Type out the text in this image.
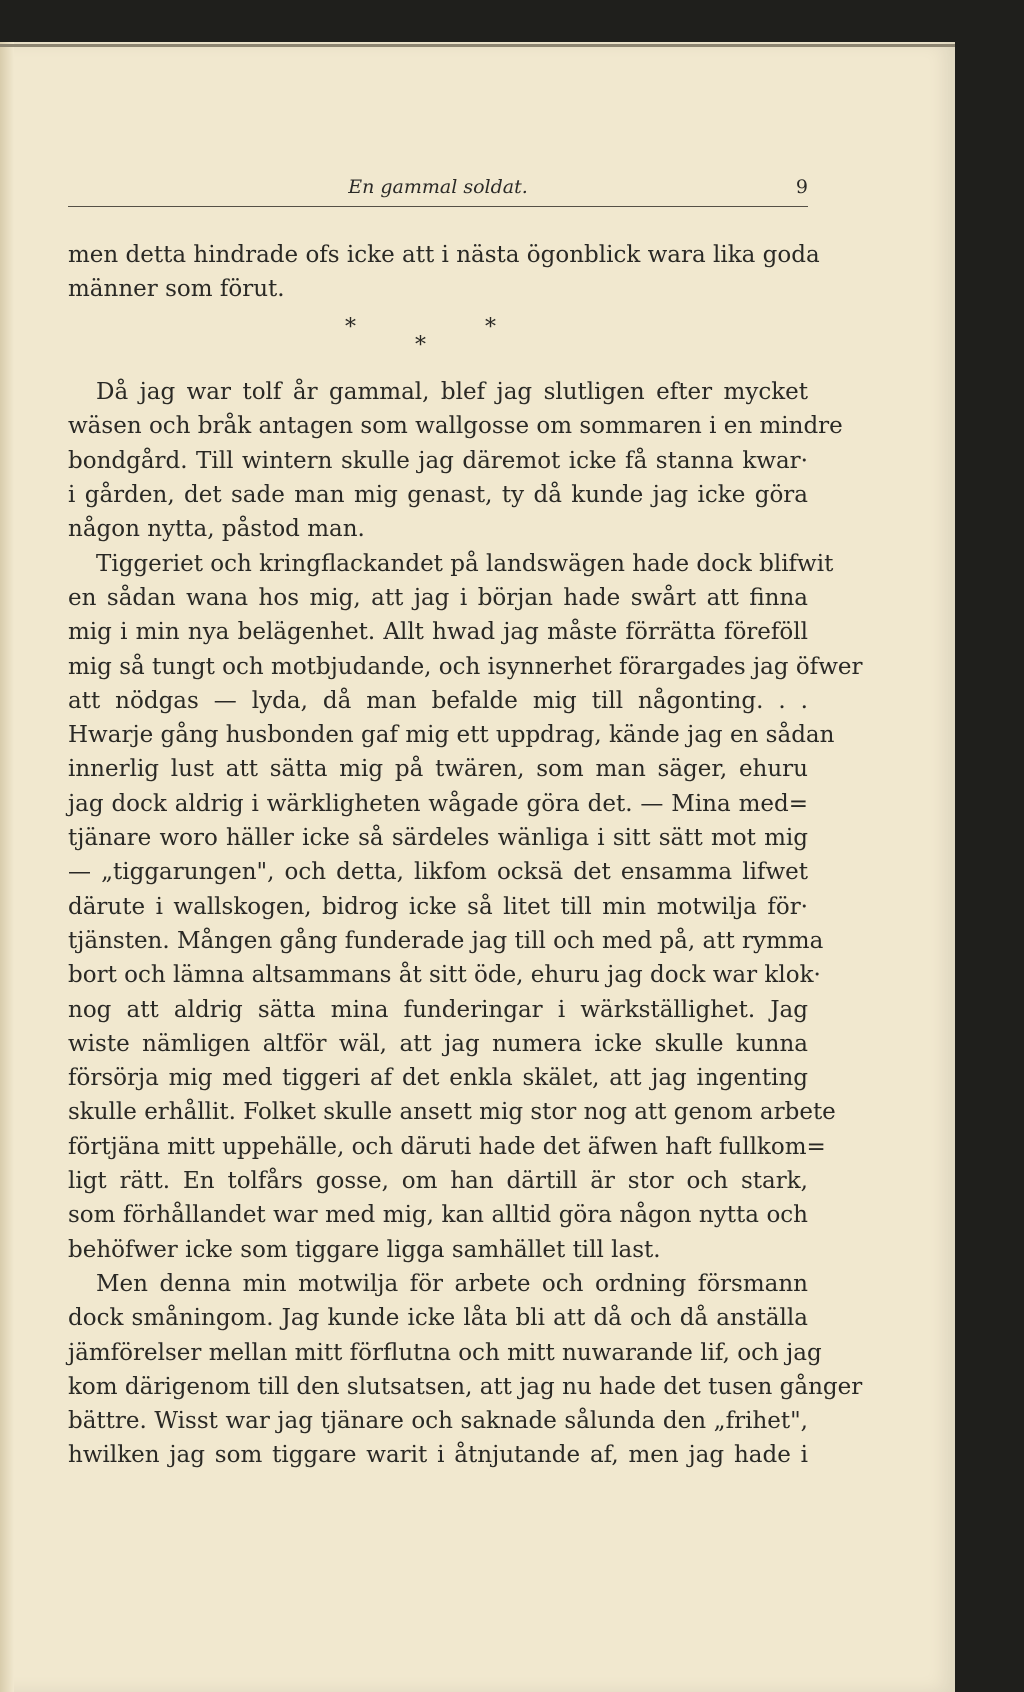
En gammal soldat.	9
men detta hindrade ofs icke att i nästa ögonblick wara lika goda
männer som förut.
*	*
*
Då jag war tolf år gammal, blef jag slutligen efter mycket
wäsen och bråk antagen som wallgosse om sommaren i en mindre
bondgård. Till wintern skulle jag däremot icke få stanna kwar·
i gården, det sade man mig genast, ty då kunde jag icke göra
någon nytta, påstod man.
Tiggeriet och kringflackandet på landswägen hade dock blifwit
en sådan wana hos mig, att jag i början hade swårt att finna
mig i min nya belägenhet. Allt hwad jag måste förrätta föreföll
mig så tungt och motbjudande, och isynnerhet förargades jag öfwer
att nödgas — lyda, då man befalde mig till någonting. . .
Hwarje gång husbonden gaf mig ett uppdrag, kände jag en sådan
innerlig lust att sätta mig på twären, som man säger, ehuru
jag dock aldrig i wärkligheten wågade göra det. — Mina med=
tjänare woro häller icke så särdeles wänliga i sitt sätt mot mig
— „tiggarungen", och detta, likfom ocksä det ensamma lifwet
därute i wallskogen, bidrog icke så litet till min motwilja för·
tjänsten. Mången gång funderade jag till och med på, att rymma
bort och lämna altsammans åt sitt öde, ehuru jag dock war klok·
nog att aldrig sätta mina funderingar i wärkställighet. Jag
wiste nämligen altför wäl, att jag numera icke skulle kunna
försörja mig med tiggeri af det enkla skälet, att jag ingenting
skulle erhållit. Folket skulle ansett mig stor nog att genom arbete
förtjäna mitt uppehälle, och däruti hade det äfwen haft fullkom=
ligt rätt. En tolfårs gosse, om han därtill är stor och stark,
som förhållandet war med mig, kan alltid göra någon nytta och
behöfwer icke som tiggare ligga samhället till last.
Men denna min motwilja för arbete och ordning försmann
dock småningom. Jag kunde icke låta bli att då och då anställa
jämförelser mellan mitt förflutna och mitt nuwarande lif, och jag
kom därigenom till den slutsatsen, att jag nu hade det tusen gånger
bättre. Wisst war jag tjänare och saknade sålunda den „frihet",
hwilken jag som tiggare warit i åtnjutande af, men jag hade i
